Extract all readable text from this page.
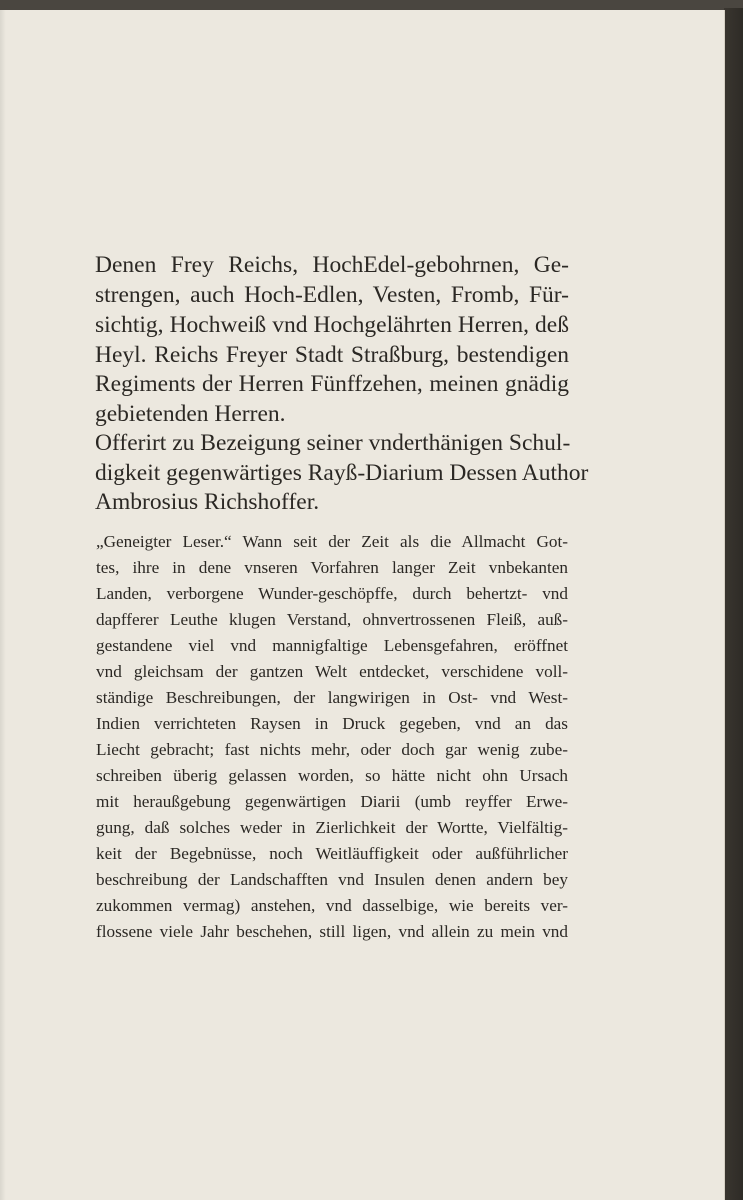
Denen Frey Reichs, HochEdel-gebohrnen, Ge-
strengen, auch Hoch-Edlen, Vesten, Fromb, Für-
sichtig, Hochweiß vnd Hochgelährten Herren, deß
Heyl. Reichs Freyer Stadt Straßburg, bestendigen
Regiments der Herren Fünffzehen, meinen gnädig
gebietenden Herren.
Offerirt zu Bezeigung seiner vnderthänigen Schul-
digkeit gegenwärtiges Rayß-Diarium Dessen Author
Ambrosius Richshoffer.
„Geneigter Leser.“ Wann seit der Zeit als die Allmacht Got-
tes, ihre in dene vnseren Vorfahren langer Zeit vnbekanten
Landen, verborgene Wunder-geschöpffe, durch behertzt- vnd
dapfferer Leuthe klugen Verstand, ohnvertrossenen Fleiß, auß-
gestandene viel vnd mannigfaltige Lebensgefahren, eröffnet
vnd gleichsam der gantzen Welt entdecket, verschidene voll-
ständige Beschreibungen, der langwirigen in Ost- vnd West-
Indien verrichteten Raysen in Druck gegeben, vnd an das
Liecht gebracht; fast nichts mehr, oder doch gar wenig zube-
schreiben überig gelassen worden, so hätte nicht ohn Ursach
mit heraußgebung gegenwärtigen Diarii (umb reyffer Erwe-
gung, daß solches weder in Zierlichkeit der Wortte, Vielfältig-
keit der Begebnüsse, noch Weitläuffigkeit oder außführlicher
beschreibung der Landschafften vnd Insulen denen andern bey
zukommen vermag) anstehen, vnd dasselbige, wie bereits ver-
flossene viele Jahr beschehen, still ligen, vnd allein zu mein vnd
